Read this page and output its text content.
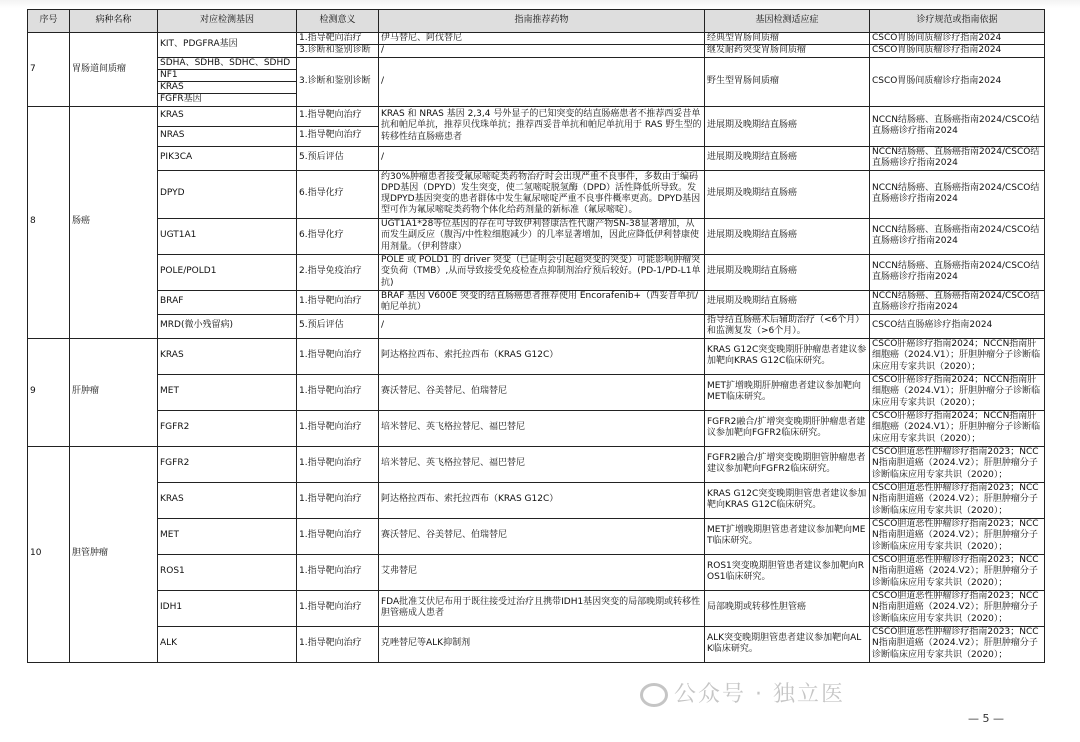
序号	病种名称	对应检测基因	检测意义	指南推荐药物	基因检测适应症	诊疗规范或指南依据
7	胃肠道间质瘤	KIT、PDGFRA基因	1.指导靶向治疗	伊马替尼、阿伐替尼	经典型胃肠间质瘤	CSCO胃肠间质瘤诊疗指南2024
			3.诊断和鉴别诊断	/	继发耐药突变胃肠间质瘤	CSCO胃肠间质瘤诊疗指南2024
		SDHA、SDHB、SDHC、SDHD	3.诊断和鉴别诊断	/	野生型胃肠间质瘤	CSCO胃肠间质瘤诊疗指南2024
		NF1				
		KRAS				
		FGFR基因				

8	肠癌	KRAS	1.指导靶向治疗	KRAS 和 NRAS 基因 2,3,4 号外显子的已知突变的结直肠癌患者不推荐西妥昔单抗和帕尼单抗，推荐贝伐珠单抗；推荐西妥昔单抗和帕尼单抗用于 RAS 野生型的转移性结直肠癌患者	进展期及晚期结直肠癌	NCCN结肠癌、直肠癌指南2024/CSCO结直肠癌诊疗指南2024
		NRAS	1.指导靶向治疗			
		PIK3CA	5.预后评估	/	进展期及晚期结直肠癌	NCCN结肠癌、直肠癌指南2024/CSCO结直肠癌诊疗指南2024
		DPYD	6.指导化疗	约30%肿瘤患者接受氟尿嘧啶类药物治疗时会出现严重不良事件，多数由于编码DPD基因（DPYD）发生突变，使二氢嘧啶脱氢酶（DPD）活性降低所导致。发现DPYD基因突变的患者群体中发生氟尿嘧啶严重不良事件概率更高。DPYD基因型可作为氟尿嘧啶类药物个体化给药剂量的新标准（氟尿嘧啶）。	进展期及晚期结直肠癌	NCCN结肠癌、直肠癌指南2024/CSCO结直肠癌诊疗指南2024
		UGT1A1	6.指导化疗	UGT1A1*28等位基因的存在可导致伊利替康活性代谢产物SN-38显著增加，从而发生副反应（腹泻/中性粒细胞减少）的几率显著增加，因此应降低伊利替康使用剂量。（伊利替康）	进展期及晚期结直肠癌	NCCN结肠癌、直肠癌指南2024/CSCO结直肠癌诊疗指南2024
		POLE/POLD1	2.指导免疫治疗	POLE 或 POLD1 的 driver 突变（已证明会引起超突变的突变）可能影响肿瘤突变负荷（TMB）,从而导致接受免疫检查点抑制剂治疗预后较好。(PD-1/PD-L1单抗)	进展期及晚期结直肠癌	NCCN结肠癌、直肠癌指南2024/CSCO结直肠癌诊疗指南2024
		BRAF	1.指导靶向治疗	BRAF 基因 V600E 突变的结直肠癌患者推荐使用 Encorafenib+（西妥昔单抗/帕尼单抗）	进展期及晚期结直肠癌	NCCN结肠癌、直肠癌指南2024/CSCO结直肠癌诊疗指南2024
		MRD(微小残留病)	5.预后评估	/	指导结直肠癌术后辅助治疗（<6个月）和监测复发（>6个月）。	CSCO结直肠癌诊疗指南2024
9	肝肿瘤	KRAS	1.指导靶向治疗	阿达格拉西布、索托拉西布（KRAS G12C）	KRAS G12C突变晚期肝肿瘤患者建议参加靶向KRAS G12C临床研究。	CSCO肝癌诊疗指南2024；NCCN指南肝细胞癌（2024.V1）；肝胆肿瘤分子诊断临床应用专家共识（2020）；
		MET	1.指导靶向治疗	赛沃替尼、谷美替尼、伯瑞替尼	MET扩增晚期肝肿瘤患者建议参加靶向MET临床研究。	CSCO肝癌诊疗指南2024；NCCN指南肝细胞癌（2024.V1）；肝胆肿瘤分子诊断临床应用专家共识（2020）；
		FGFR2	1.指导靶向治疗	培米替尼、英飞格拉替尼、福巴替尼	FGFR2融合/扩增突变晚期肝肿瘤患者建议参加靶向FGFR2临床研究。	CSCO肝癌诊疗指南2024；NCCN指南肝细胞癌（2024.V1）；肝胆肿瘤分子诊断临床应用专家共识（2020）；
10	胆管肿瘤	FGFR2	1.指导靶向治疗	培米替尼、英飞格拉替尼、福巴替尼	FGFR2融合/扩增突变晚期胆管肿瘤患者建议参加靶向FGFR2临床研究。	CSCO胆道恶性肿瘤诊疗指南2023；NCCN指南胆道癌（2024.V2）；肝胆肿瘤分子诊断临床应用专家共识（2020）；
		KRAS	1.指导靶向治疗	阿达格拉西布、索托拉西布（KRAS G12C）	KRAS G12C突变晚期胆管患者建议参加靶向KRAS G12C临床研究。	CSCO胆道恶性肿瘤诊疗指南2023；NCCN指南胆道癌（2024.V2）；肝胆肿瘤分子诊断临床应用专家共识（2020）；
		MET	1.指导靶向治疗	赛沃替尼、谷美替尼、伯瑞替尼	MET扩增晚期胆管患者建议参加靶向MET临床研究。	CSCO胆道恶性肿瘤诊疗指南2023；NCCN指南胆道癌（2024.V2）；肝胆肿瘤分子诊断临床应用专家共识（2020）；
		ROS1	1.指导靶向治疗	艾弗替尼	ROS1突变晚期胆管患者建议参加靶向ROS1临床研究。	CSCO胆道恶性肿瘤诊疗指南2023；NCCN指南胆道癌（2024.V2）；肝胆肿瘤分子诊断临床应用专家共识（2020）；
		IDH1	1.指导靶向治疗	FDA批准艾伏尼布用于既往接受过治疗且携带IDH1基因突变的局部晚期或转移性胆管癌成人患者	局部晚期或转移性胆管癌	CSCO胆道恶性肿瘤诊疗指南2023；NCCN指南胆道癌（2024.V2）；肝胆肿瘤分子诊断临床应用专家共识（2020）；
		ALK	1.指导靶向治疗	克唑替尼等ALK抑制剂	ALK突变晚期胆管患者建议参加靶向ALK临床研究。	CSCO胆道恶性肿瘤诊疗指南2023；NCCN指南胆道癌（2024.V2）；肝胆肿瘤分子诊断临床应用专家共识（2020）；
公众号 · 独立医
— 5 —
